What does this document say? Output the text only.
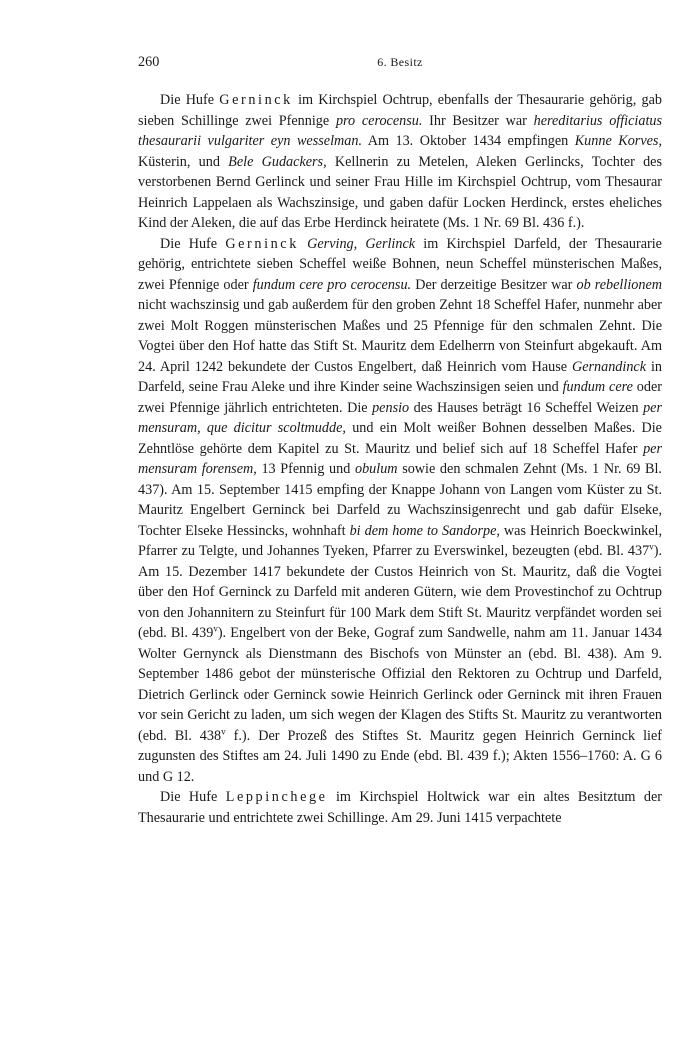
260	6. Besitz

Die Hufe Gerninck im Kirchspiel Ochtrup, ebenfalls der Thesaurarie gehörig, gab sieben Schillinge zwei Pfennige pro cerocensu. Ihr Besitzer war hereditarius officiatus thesaurarii vulgariter eyn wesselman. Am 13. Oktober 1434 empfingen Kunne Korves, Küsterin, und Bele Gudackers, Kellnerin zu Metelen, Aleken Gerlincks, Tochter des verstorbenen Bernd Gerlinck und seiner Frau Hille im Kirchspiel Ochtrup, vom Thesaurar Heinrich Lappelaen als Wachszinsige, und gaben dafür Locken Herdinck, erstes eheliches Kind der Aleken, die auf das Erbe Herdinck heiratete (Ms. 1 Nr. 69 Bl. 436 f.).

Die Hufe Gerninck Gerving, Gerlinck im Kirchspiel Darfeld, der Thesaurarie gehörig, entrichtete sieben Scheffel weiße Bohnen, neun Scheffel münsterischen Maßes, zwei Pfennige oder fundum cere pro cerocensu. Der derzeitige Besitzer war ob rebellionem nicht wachszinsig und gab außerdem für den groben Zehnt 18 Scheffel Hafer, nunmehr aber zwei Molt Roggen münsterischen Maßes und 25 Pfennige für den schmalen Zehnt. Die Vogtei über den Hof hatte das Stift St. Mauritz dem Edelherrn von Steinfurt abgekauft. Am 24. April 1242 bekundete der Custos Engelbert, daß Heinrich vom Hause Gernandinck in Darfeld, seine Frau Aleke und ihre Kinder seine Wachszinsigen seien und fundum cere oder zwei Pfennige jährlich entrichteten. Die pensio des Hauses beträgt 16 Scheffel Weizen per mensuram, que dicitur scoltmudde, und ein Molt weißer Bohnen desselben Maßes. Die Zehntlöse gehörte dem Kapitel zu St. Mauritz und belief sich auf 18 Scheffel Hafer per mensuram forensem, 13 Pfennig und obulum sowie den schmalen Zehnt (Ms. 1 Nr. 69 Bl. 437). Am 15. September 1415 empfing der Knappe Johann von Langen vom Küster zu St. Mauritz Engelbert Gerninck bei Darfeld zu Wachszinsigenrecht und gab dafür Elseke, Tochter Elseke Hessincks, wohnhaft bi dem home to Sandorpe, was Heinrich Boeckwinkel, Pfarrer zu Telgte, und Johannes Tyeken, Pfarrer zu Everswinkel, bezeugten (ebd. Bl. 437$^v$). Am 15. Dezember 1417 bekundete der Custos Heinrich von St. Mauritz, daß die Vogtei über den Hof Gerninck zu Darfeld mit anderen Gütern, wie dem Provestinchof zu Ochtrup von den Johannitern zu Steinfurt für 100 Mark dem Stift St. Mauritz verpfändet worden sei (ebd. Bl. 439$^v$). Engelbert von der Beke, Gograf zum Sandwelle, nahm am 11. Januar 1434 Wolter Gernynck als Dienstmann des Bischofs von Münster an (ebd. Bl. 438). Am 9. September 1486 gebot der münsterische Offizial den Rektoren zu Ochtrup und Darfeld, Dietrich Gerlinck oder Gerninck sowie Heinrich Gerlinck oder Gerninck mit ihren Frauen vor sein Gericht zu laden, um sich wegen der Klagen des Stifts St. Mauritz zu verantworten (ebd. Bl. 438$^v$ f.). Der Prozeß des Stiftes St. Mauritz gegen Heinrich Gerninck lief zugunsten des Stiftes am 24. Juli 1490 zu Ende (ebd. Bl. 439 f.); Akten 1556–1760: A. G 6 und G 12.

Die Hufe Leppinchege im Kirchspiel Holtwick war ein altes Besitztum der Thesaurarie und entrichtete zwei Schillinge. Am 29. Juni 1415 verpachtete
